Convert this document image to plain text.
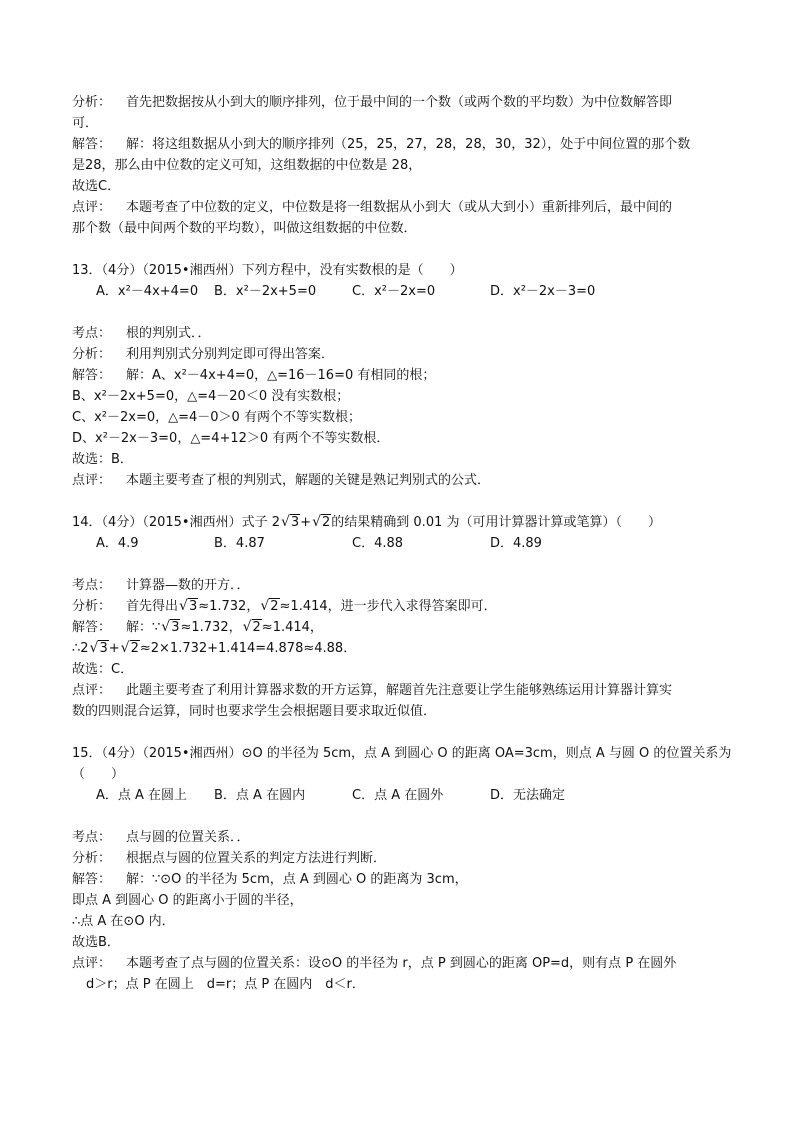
分析： 首先把数据按从小到大的顺序排列，位于最中间的一个数（或两个数的平均数）为中位数解答即
可．
解答： 解：将这组数据从小到大的顺序排列（25，25，27，28，28，30，32），处于中间位置的那个数
是28，那么由中位数的定义可知，这组数据的中位数是 28，
故选C．
点评： 本题考查了中位数的定义，中位数是将一组数据从小到大（或从大到小）重新排列后，最中间的
那个数（最中间两个数的平均数），叫做这组数据的中位数．
13．（4分）（2015•湘西州）下列方程中，没有实数根的是（　　）
A．x²－4x+4=0	B．x²－2x+5=0	C．x²－2x=0	D．x²－2x－3=0
考点： 根的判别式．．
分析： 利用判别式分别判定即可得出答案．
解答： 解：A、x²－4x+4=0，△=16－16=0 有相同的根；
B、x²－2x+5=0，△=4－20＜0 没有实数根；
C、x²－2x=0，△=4－0＞0 有两个不等实数根；
D、x²－2x－3=0，△=4+12＞0 有两个不等实数根．
故选：B．
点评： 本题主要考查了根的判别式，解题的关键是熟记判别式的公式．
14．（4分）（2015•湘西州）式子 2√3+√2的结果精确到 0.01 为（可用计算器计算或笔算）（　　）
A．4.9	B．4.87	C．4.88	D．4.89
考点： 计算器—数的开方．．
分析： 首先得出√3≈1.732，√2≈1.414，进一步代入求得答案即可．
解答： 解：∵√3≈1.732，√2≈1.414，
∴2√3+√2≈2×1.732+1.414=4.878≈4.88．
故选：C．
点评： 此题主要考查了利用计算器求数的开方运算，解题首先注意要让学生能够熟练运用计算器计算实
数的四则混合运算，同时也要求学生会根据题目要求取近似值．
15．（4分）（2015•湘西州）⊙O 的半径为 5cm，点 A 到圆心 O 的距离 OA=3cm，则点 A 与圆 O 的位置关系为
（　　）
A．点 A 在圆上	B．点 A 在圆内	C．点 A 在圆外	D．无法确定
考点： 点与圆的位置关系．．
分析： 根据点与圆的位置关系的判定方法进行判断．
解答： 解：∵⊙O 的半径为 5cm，点 A 到圆心 O 的距离为 3cm，
即点 A 到圆心 O 的距离小于圆的半径，
∴点 A 在⊙O 内．
故选B．
点评： 本题考查了点与圆的位置关系：设⊙O 的半径为 r，点 P 到圆心的距离 OP=d，则有点 P 在圆外
d＞r；点 P 在圆上　d=r；点 P 在圆内　d＜r．
